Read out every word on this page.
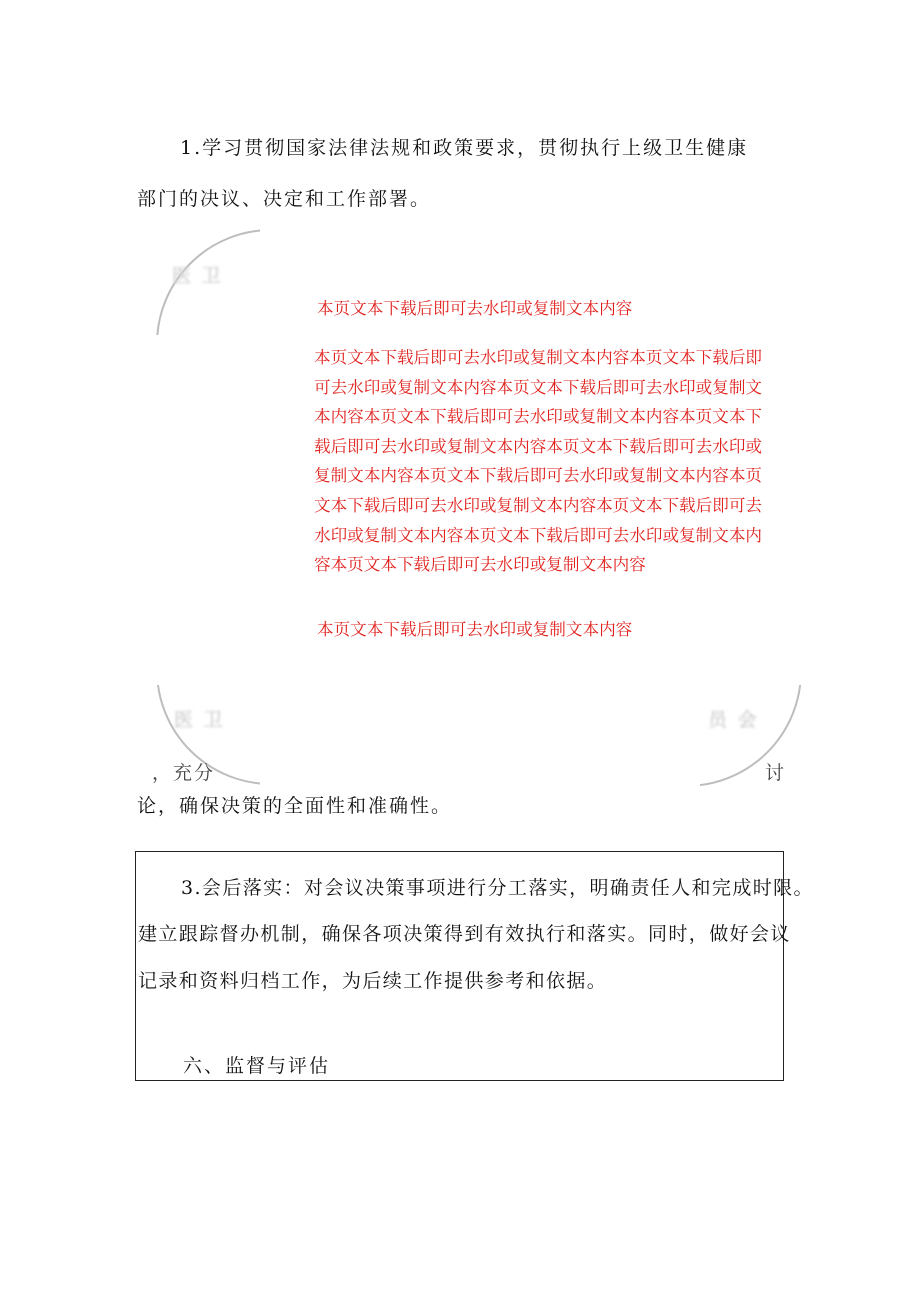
1.学习贯彻国家法律法规和政策要求，贯彻执行上级卫生健康
部门的决议、决定和工作部署。
医 卫
本页文本下载后即可去水印或复制文本内容
本页文本下载后即可去水印或复制文本内容本页文本下载后即
可去水印或复制文本内容本页文本下载后即可去水印或复制文
本内容本页文本下载后即可去水印或复制文本内容本页文本下
载后即可去水印或复制文本内容本页文本下载后即可去水印或
复制文本内容本页文本下载后即可去水印或复制文本内容本页
文本下载后即可去水印或复制文本内容本页文本下载后即可去
水印或复制文本内容本页文本下载后即可去水印或复制文本内
容本页文本下载后即可去水印或复制文本内容
本页文本下载后即可去水印或复制文本内容
医 卫	员 会
，充分	讨
论，确保决策的全面性和准确性。
3.会后落实：对会议决策事项进行分工落实，明确责任人和完成时限。
建立跟踪督办机制，确保各项决策得到有效执行和落实。同时，做好会议
记录和资料归档工作，为后续工作提供参考和依据。
六、监督与评估
